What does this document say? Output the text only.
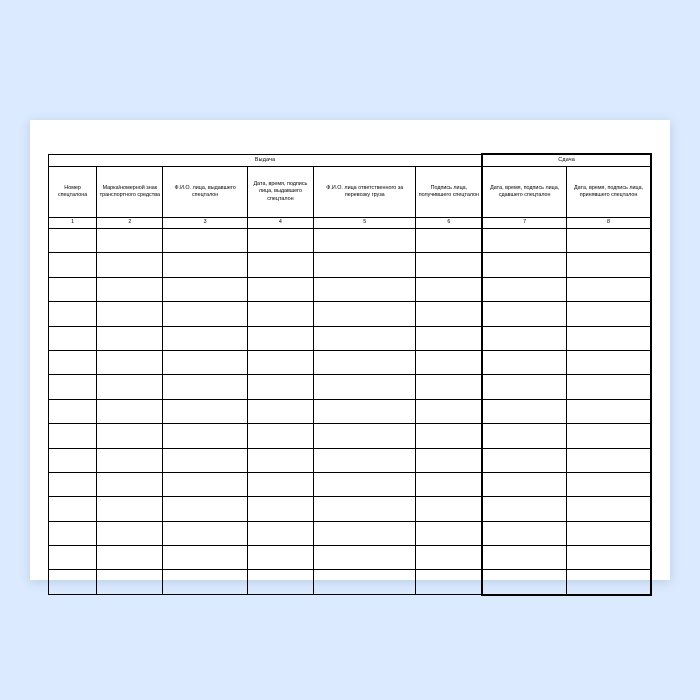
Выдача						Сдача	

Номер спецталона	Марка/номерной знак транспортного средства	Ф.И.О. лица, выдавшего спецталон	Дата, время, подпись лица, выдавшего спецталон	Ф.И.О. лица ответственного за перевозку груза	Подпись лица, получившего спецталон	Дата, время, подпись лица, сдавшего спецталон	Дата, время, подпись лица, принявшего спецталон

1	2	3	4	5	6	7	8
